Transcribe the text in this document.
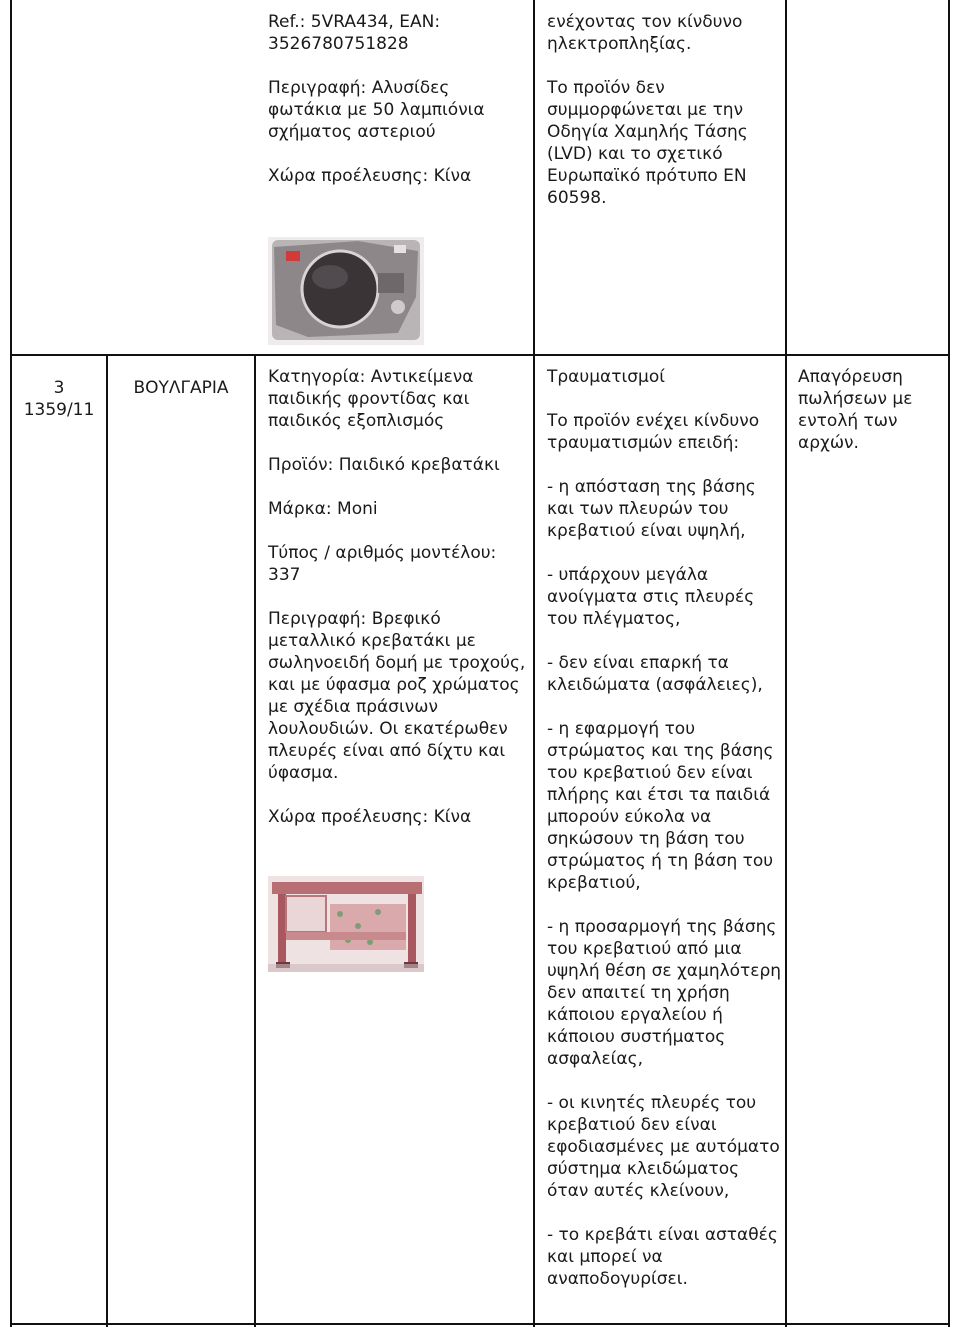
Ref.: 5VRA434, EAN: 3526780751828

Περιγραφή: Αλυσίδες φωτάκια με 50 λαμπιόνια σχήματος αστεριού

Χώρα προέλευσης: Κίνα

ενέχοντας τον κίνδυνο ηλεκτροπληξίας.

Το προϊόν δεν συμμορφώνεται με την Οδηγία Χαμηλής Τάσης (LVD) και το σχετικό Ευρωπαϊκό πρότυπο EN 60598.

3
1359/11
ΒΟΥΛΓΑΡΙΑ

Κατηγορία: Αντικείμενα παιδικής φροντίδας και παιδικός εξοπλισμός

Προϊόν: Παιδικό κρεβατάκι

Μάρκα: Moni

Τύπος / αριθμός μοντέλου: 337

Περιγραφή: Βρεφικό μεταλλικό κρεβατάκι με σωληνοειδή δομή με τροχούς, και με ύφασμα ροζ χρώματος με σχέδια πράσινων λουλουδιών. Οι εκατέρωθεν πλευρές είναι από δίχτυ και ύφασμα.

Χώρα προέλευσης: Κίνα

Τραυματισμοί

Το προϊόν ενέχει κίνδυνο τραυματισμών επειδή:

- η απόσταση της βάσης και των πλευρών του κρεβατιού είναι υψηλή,

- υπάρχουν μεγάλα ανοίγματα στις πλευρές του πλέγματος,

- δεν είναι επαρκή τα κλειδώματα (ασφάλειες),

- η εφαρμογή του στρώματος και της βάσης του κρεβατιού δεν είναι πλήρης και έτσι τα παιδιά μπορούν εύκολα να σηκώσουν τη βάση του στρώματος ή τη βάση του κρεβατιού,

- η προσαρμογή της βάσης του κρεβατιού από μια υψηλή θέση σε χαμηλότερη δεν απαιτεί τη χρήση κάποιου εργαλείου ή κάποιου συστήματος ασφαλείας,

- οι κινητές πλευρές του κρεβατιού δεν είναι εφοδιασμένες με αυτόματο σύστημα κλειδώματος όταν αυτές κλείνουν,

- το κρεβάτι είναι ασταθές και μπορεί να αναποδογυρίσει.

Απαγόρευση πωλήσεων με εντολή των αρχών.
